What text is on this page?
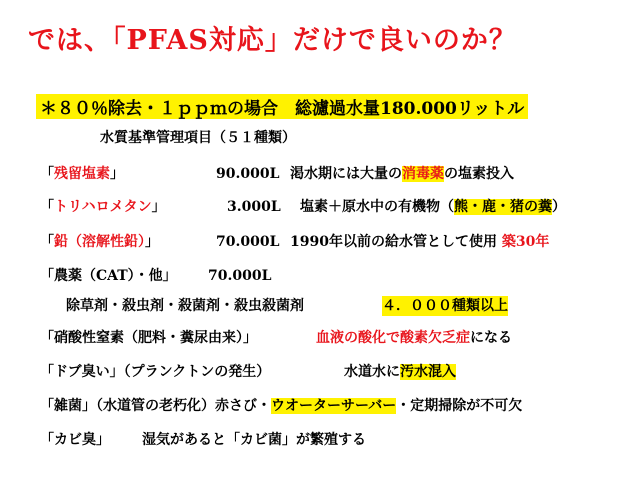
では、「PFAS対応」だけで良いのか？
＊８０％除去・１ｐｐｍの場合　総濾過水量180.000リットル
水質基準管理項目（５１種類）
「残留塩素」	90.000L 渇水期には大量の消毒薬の塩素投入
「トリハロメタン」	3.000L 塩素＋原水中の有機物（熊・鹿・猪の糞）
「鉛（溶解性鉛）」	70.000L 1990年以前の給水管として使用 築30年
「農薬（CAT）・他」 70.000L
除草剤・殺虫剤・殺菌剤・殺虫殺菌剤	４．０００種類以上
「硝酸性窒素（肥料・糞尿由来）」	血液の酸化で酸素欠乏症になる
「ドブ臭い」（プランクトンの発生）	水道水に汚水混入
「雑菌」（水道管の老朽化）赤さび・ウオーターサーバー・定期掃除が不可欠
「カビ臭」 湿気があると「カビ菌」が繁殖する
